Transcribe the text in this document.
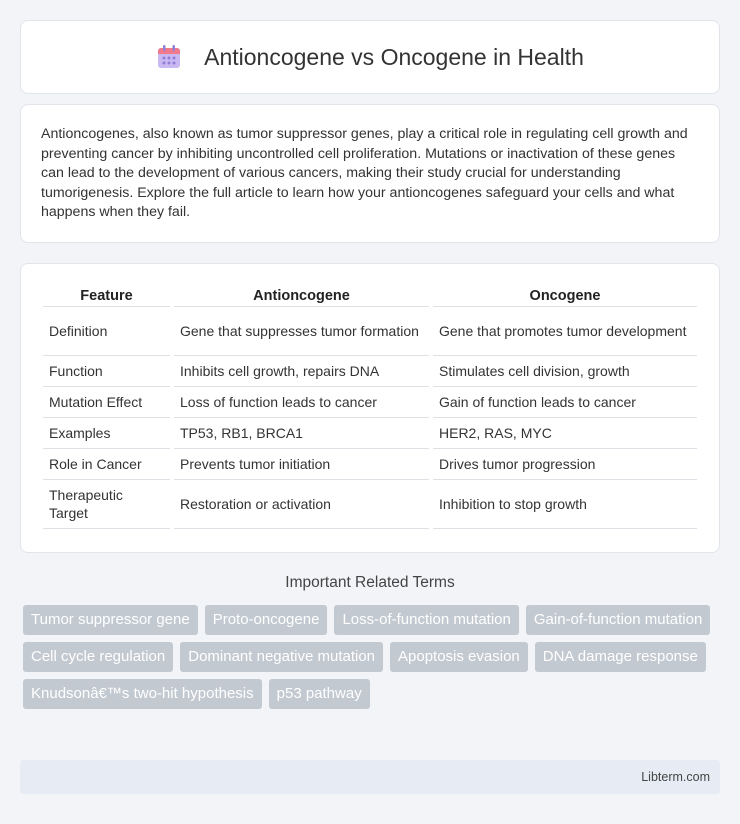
Antioncogene vs Oncogene in Health

Antioncogenes, also known as tumor suppressor genes, play a critical role in regulating cell growth and preventing cancer by inhibiting uncontrolled cell proliferation. Mutations or inactivation of these genes can lead to the development of various cancers, making their study crucial for understanding tumorigenesis. Explore the full article to learn how your antioncogenes safeguard your cells and what happens when they fail.

Feature	Antioncogene	Oncogene
Definition	Gene that suppresses tumor formation	Gene that promotes tumor development
Function	Inhibits cell growth, repairs DNA	Stimulates cell division, growth
Mutation Effect	Loss of function leads to cancer	Gain of function leads to cancer
Examples	TP53, RB1, BRCA1	HER2, RAS, MYC
Role in Cancer	Prevents tumor initiation	Drives tumor progression
Therapeutic Target	Restoration or activation	Inhibition to stop growth
Important Related Terms
Tumor suppressor gene	Proto-oncogene	Loss-of-function mutation	Gain-of-function mutation
Cell cycle regulation	Dominant negative mutation	Apoptosis evasion	DNA damage response
Knudsonâ€™s two-hit hypothesis	p53 pathway
Libterm.com
